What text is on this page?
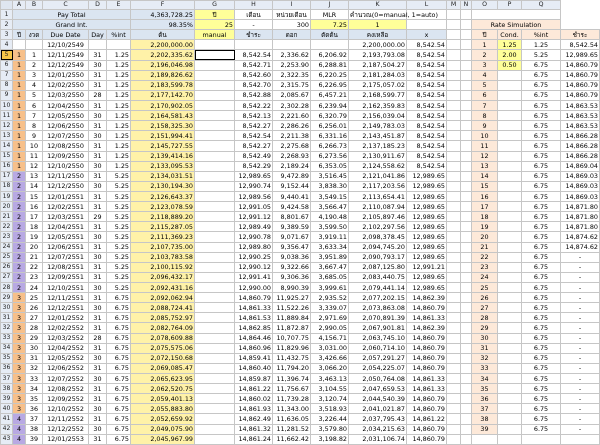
	A	B	C	D	E	F	G	H	I	J	K	L	M	N	O	P	Q	
1	Pay Total					4,363,728.25	ปี	เดือน	หน่วยเดือน	MLR	คำนวณ(0=manual, 1=auto)							
2	Grand Int.					98.35%	25	-	300	7.25	1				Rate Simulation			
3	ปี	งวด	Due Date	Day	%int	ต้น	manual	ชำระ	ดอก	ตัดต้น	คงเหลือ	x			ปี	Cond.	%int	ชำระ
4			12/10/2549			2,200,000.00					2,200,000.00	8,542.54			1	1.25	1.25	8,542.54
5	1	1	12/11/2549	31	1.25	2,202,335.62		8,542.54	2,336.62	6,206.92	2,193,793.08	8,542.54			2	2.00	5.25	12,989.65
6	1	2	12/12/2549	30	1.25	2,196,046.98		8,542.71	2,253.90	6,288.81	2,187,504.27	8,542.54			3	0.50	6.75	14,860.79
7	1	3	12/01/2550	31	1.25	2,189,826.62		8,542.60	2,322.35	6,220.25	2,181,284.03	8,542.54			4		6.75	14,860.79
8	1	4	12/02/2550	31	1.25	2,183,599.78		8,542.70	2,315.75	6,226.95	2,175,057.02	8,542.54			5		6.75	14,860.79
9	1	5	12/03/2550	28	1.25	2,177,142.70		8,542.88	2,085.67	6,457.21	2,168,599.77	8,542.54			6		6.75	14,860.79
10	1	6	12/04/2550	31	1.25	2,170,902.05		8,542.22	2,302.28	6,239.94	2,162,359.83	8,542.54			7		6.75	14,863.53
11	1	7	12/05/2550	30	1.25	2,164,581.43		8,542.13	2,221.60	6,320.79	2,156,039.04	8,542.54			8		6.75	14,863.53
12	1	8	12/06/2550	31	1.25	2,158,325.30		8,542.27	2,286.26	6,256.01	2,149,783.03	8,542.54			9		6.75	14,863.53
13	1	9	12/07/2550	30	1.25	2,151,994.41		8,542.54	2,211.38	6,331.16	2,143,451.87	8,542.54			10		6.75	14,866.28
14	1	10	12/08/2550	31	1.25	2,145,727.55		8,542.27	2,275.68	6,266.73	2,137,185.23	8,542.54			11		6.75	14,866.28
15	1	11	12/09/2550	31	1.25	2,139,414.16		8,542.49	2,268.93	6,273.56	2,130,911.67	8,542.54			12		6.75	14,866.28
16	1	12	12/10/2550	30	1.25	2,133,095.53		8,542.29	2,189.24	6,353.05	2,124,558.62	8,542.54			13		6.75	14,869.04
17	2	13	12/11/2550	31	5.25	2,134,031.51		12,989.65	9,472.89	3,516.45	2,121,041.86	12,989.65			14		6.75	14,869.03
18	2	14	12/12/2550	30	5.25	2,130,194.30		12,990.74	9,152.44	3,838.30	2,117,203.56	12,989.65			15		6.75	14,869.03
19	2	15	12/01/2551	31	5.25	2,126,643.37		12,989.56	9,440.41	3,549.15	2,113,654.41	12,989.65			16		6.75	14,869.03
20	2	16	12/02/2551	31	5.25	2,123,078.59		12,991.05	9,424.58	3,566.47	2,110,087.94	12,989.65			17		6.75	14,871.80
21	2	17	12/03/2551	29	5.25	2,118,889.20		12,991.12	8,801.67	4,190.48	2,105,897.46	12,989.65			18		6.75	14,871.80
22	2	18	12/04/2551	31	5.25	2,115,287.05		12,989.49	9,389.59	3,599.50	2,102,297.56	12,989.65			19		6.75	14,871.80
23	2	19	12/05/2551	30	5.25	2,111,369.23		12,990.78	9,071.67	3,919.11	2,098,378.45	12,989.65			20		6.75	14,874.62
24	2	20	12/06/2551	31	5.25	2,107,735.00		12,989.80	9,356.47	3,633.34	2,094,745.20	12,989.65			21		6.75	14,874.62
25	2	21	12/07/2551	30	5.25	2,103,783.58		12,990.25	9,038.36	3,951.89	2,090,793.17	12,989.65			22		6.75	-
26	2	22	12/08/2551	31	5.25	2,100,115.92		12,990.12	9,322.66	3,667.47	2,087,125.80	12,991.21			23		6.75	-
27	2	23	12/09/2551	31	5.25	2,096,432.17		12,991.41	9,306.36	3,685.05	2,083,440.75	12,989.65			24		6.75	-
28	2	24	12/10/2551	30	5.25	2,092,431.16		12,990.00	8,990.39	3,999.61	2,079,441.14	12,989.65			25		6.75	-
29	3	25	12/11/2551	31	6.75	2,092,062.94		14,860.79	11,925.27	2,935.52	2,077,202.15	14,862.39			26		6.75	-
30	3	26	12/12/2551	30	6.75	2,088,724.41		14,861.33	11,522.26	3,339.07	2,073,863.08	14,860.79			27		6.75	-
31	3	27	12/01/2552	31	6.75	2,085,752.97		14,861.53	11,889.84	2,971.69	2,070,891.39	14,861.33			28		6.75	-
32	3	28	12/02/2552	31	6.75	2,082,764.09		14,862.85	11,872.87	2,990.05	2,067,901.81	14,862.39			29		6.75	-
33	3	29	12/03/2552	28	6.75	2,078,609.88		14,864.46	10,707.75	4,156.71	2,063,745.10	14,860.79			30		6.75	-
34	3	30	12/04/2552	31	6.75	2,075,575.06		14,860.96	11,829.96	3,031.00	2,060,714.10	14,860.79			31		6.75	-
35	3	31	12/05/2552	30	6.75	2,072,150.68		14,859.41	11,432.75	3,426.66	2,057,291.27	14,860.79			32		6.75	-
36	3	32	12/06/2552	31	6.75	2,069,085.47		14,860.40	11,794.20	3,066.20	2,054,225.07	14,860.79			33		6.75	-
37	3	33	12/07/2552	30	6.75	2,065,623.95		14,859.87	11,396.74	3,463.13	2,050,764.08	14,861.33			34		6.75	-
38	3	34	12/08/2552	31	6.75	2,062,520.75		14,861.22	11,756.67	3,104.55	2,047,659.53	14,861.33			35		6.75	-
39	3	35	12/09/2552	31	6.75	2,059,401.13		14,860.02	11,739.28	3,120.74	2,044,540.39	14,860.79			36		6.75	-
40	3	36	12/10/2552	30	6.75	2,055,883.80		14,861.93	11,343.00	3,518.93	2,041,021.87	14,860.79			37		6.75	-
41	4	37	12/11/2552	31	6.75	2,052,659.92		14,862.49	11,636.05	3,226.44	2,037,795.43	14,861.22			38		6.75	-
42	4	38	12/12/2552	30	6.75	2,049,075.90		14,861.32	11,281.52	3,579.80	2,034,215.63	14,860.79			39		6.75	-
43	4	39	12/01/2553	31	6.75	2,045,967.99		14,861.24	11,662.42	3,198.82	2,031,106.74	14,860.79						
